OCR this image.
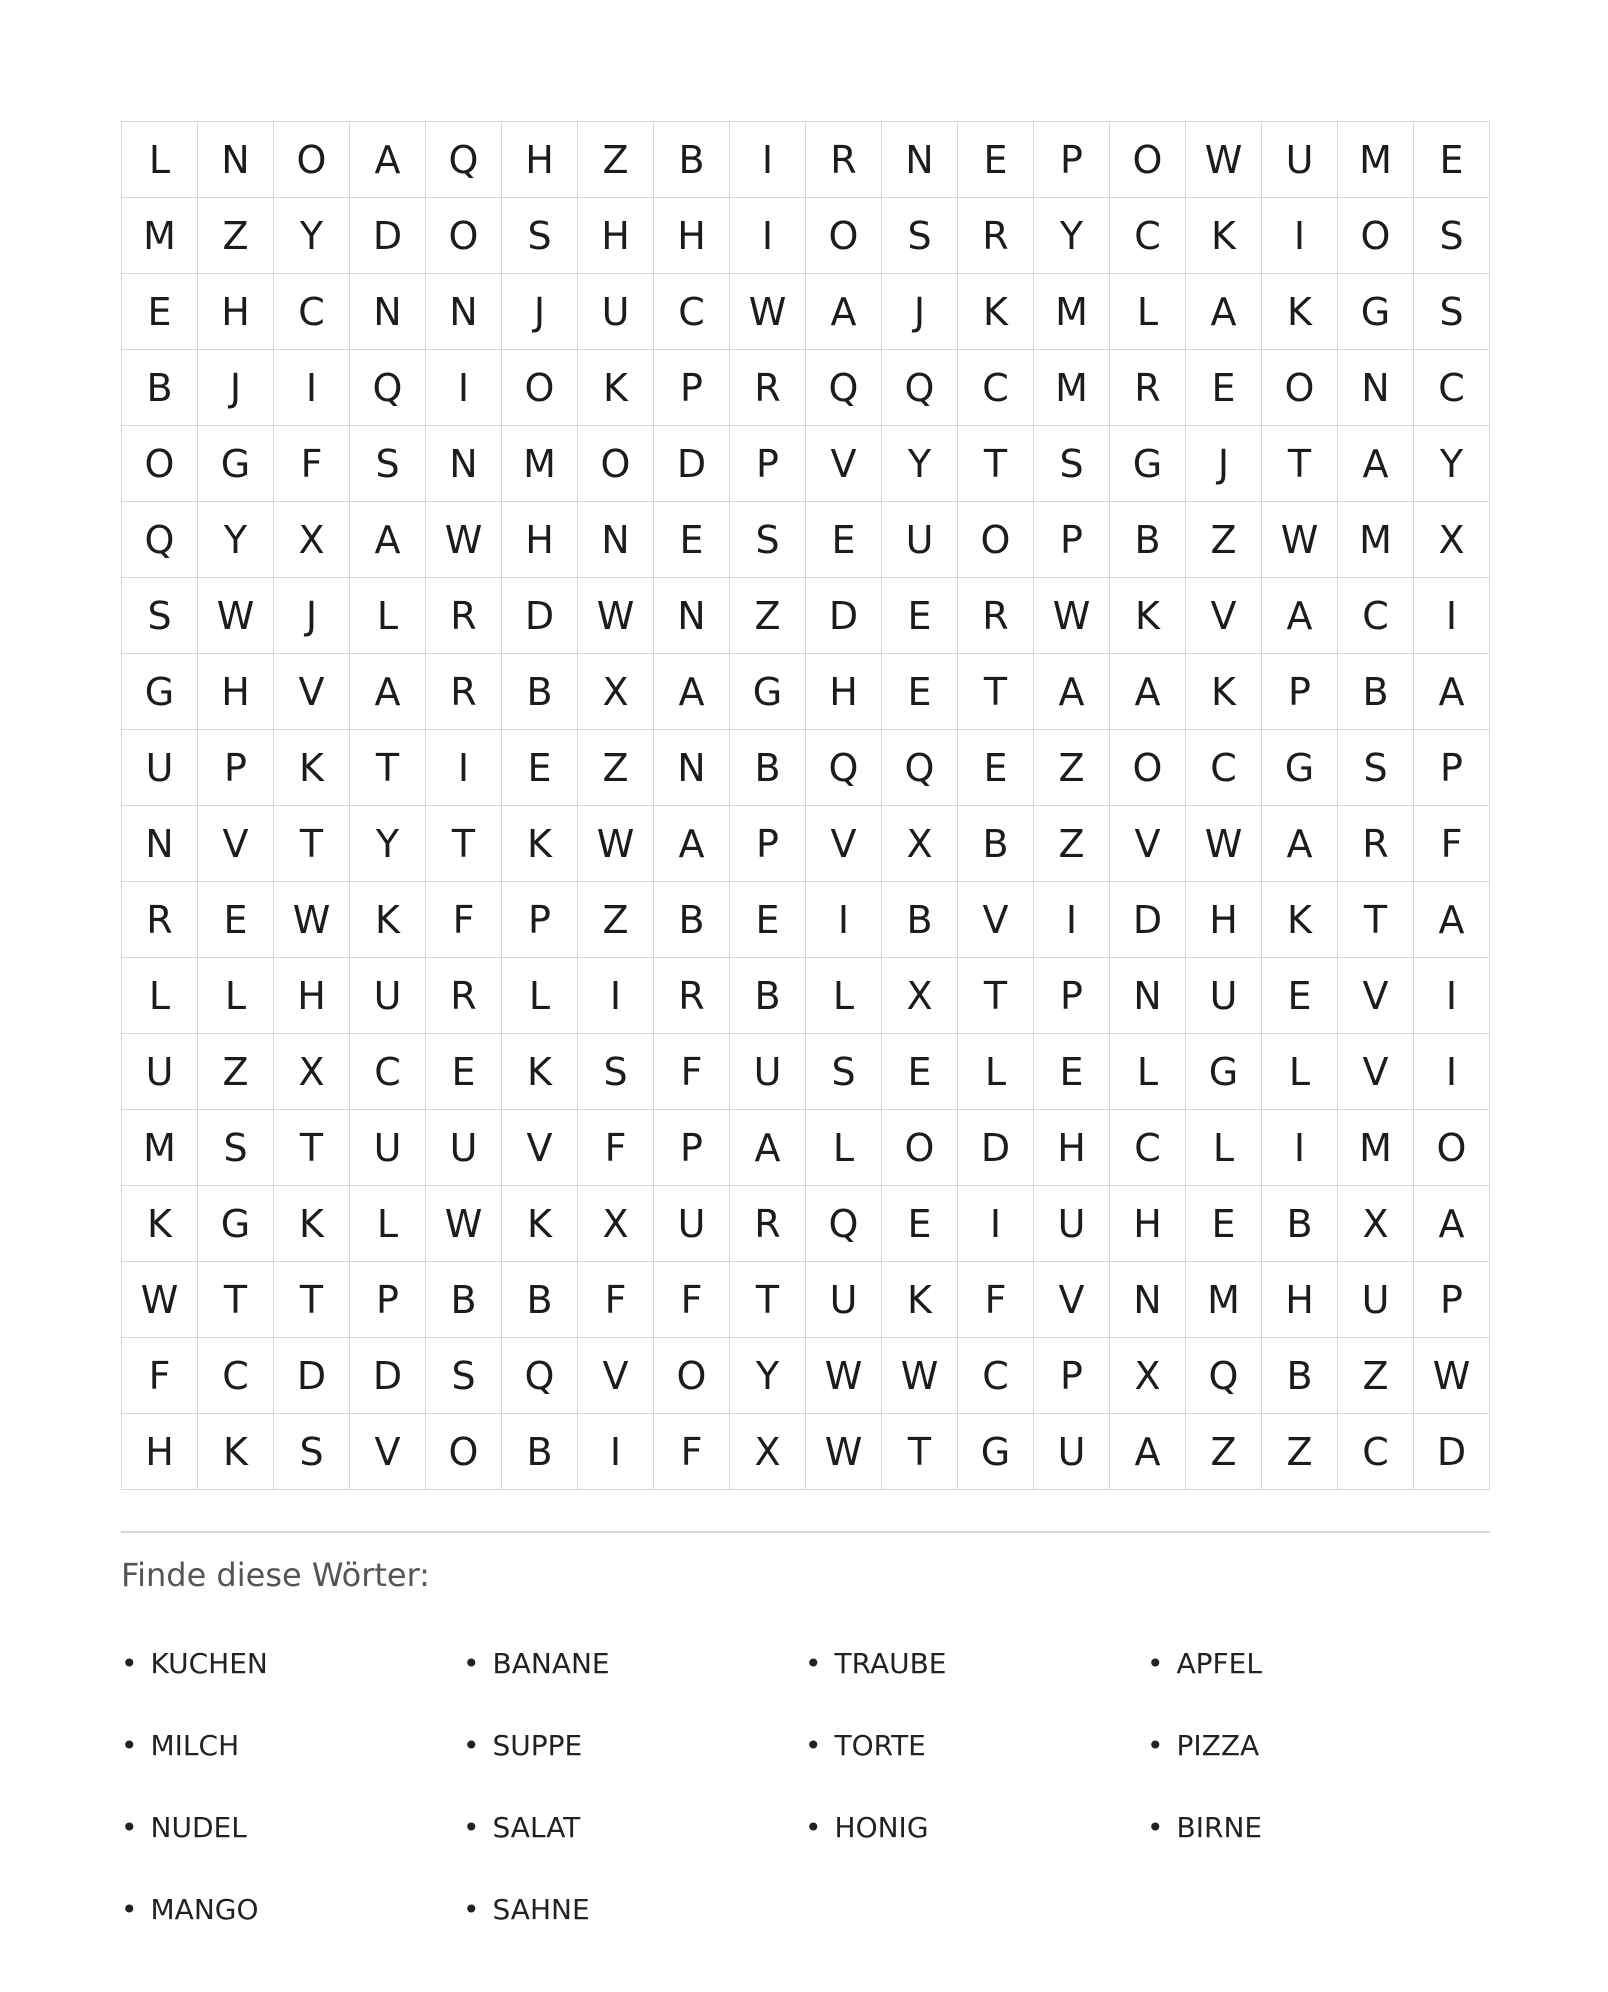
L	N	O	A	Q	H	Z	B	I	R	N	E	P	O	W	U	M	E
M	Z	Y	D	O	S	H	H	I	O	S	R	Y	C	K	I	O	S
E	H	C	N	N	J	U	C	W	A	J	K	M	L	A	K	G	S
B	J	I	Q	I	O	K	P	R	Q	Q	C	M	R	E	O	N	C
O	G	F	S	N	M	O	D	P	V	Y	T	S	G	J	T	A	Y
Q	Y	X	A	W	H	N	E	S	E	U	O	P	B	Z	W	M	X
S	W	J	L	R	D	W	N	Z	D	E	R	W	K	V	A	C	I
G	H	V	A	R	B	X	A	G	H	E	T	A	A	K	P	B	A
U	P	K	T	I	E	Z	N	B	Q	Q	E	Z	O	C	G	S	P
N	V	T	Y	T	K	W	A	P	V	X	B	Z	V	W	A	R	F
R	E	W	K	F	P	Z	B	E	I	B	V	I	D	H	K	T	A
L	L	H	U	R	L	I	R	B	L	X	T	P	N	U	E	V	I
U	Z	X	C	E	K	S	F	U	S	E	L	E	L	G	L	V	I
M	S	T	U	U	V	F	P	A	L	O	D	H	C	L	I	M	O
K	G	K	L	W	K	X	U	R	Q	E	I	U	H	E	B	X	A
W	T	T	P	B	B	F	F	T	U	K	F	V	N	M	H	U	P
F	C	D	D	S	Q	V	O	Y	W	W	C	P	X	Q	B	Z	W
H	K	S	V	O	B	I	F	X	W	T	G	U	A	Z	Z	C	D
Finde diese Wörter:
• KUCHEN
• MILCH
• NUDEL
• MANGO
• BANANE
• SUPPE
• SALAT
• SAHNE
• TRAUBE
• TORTE
• HONIG
• APFEL
• PIZZA
• BIRNE
